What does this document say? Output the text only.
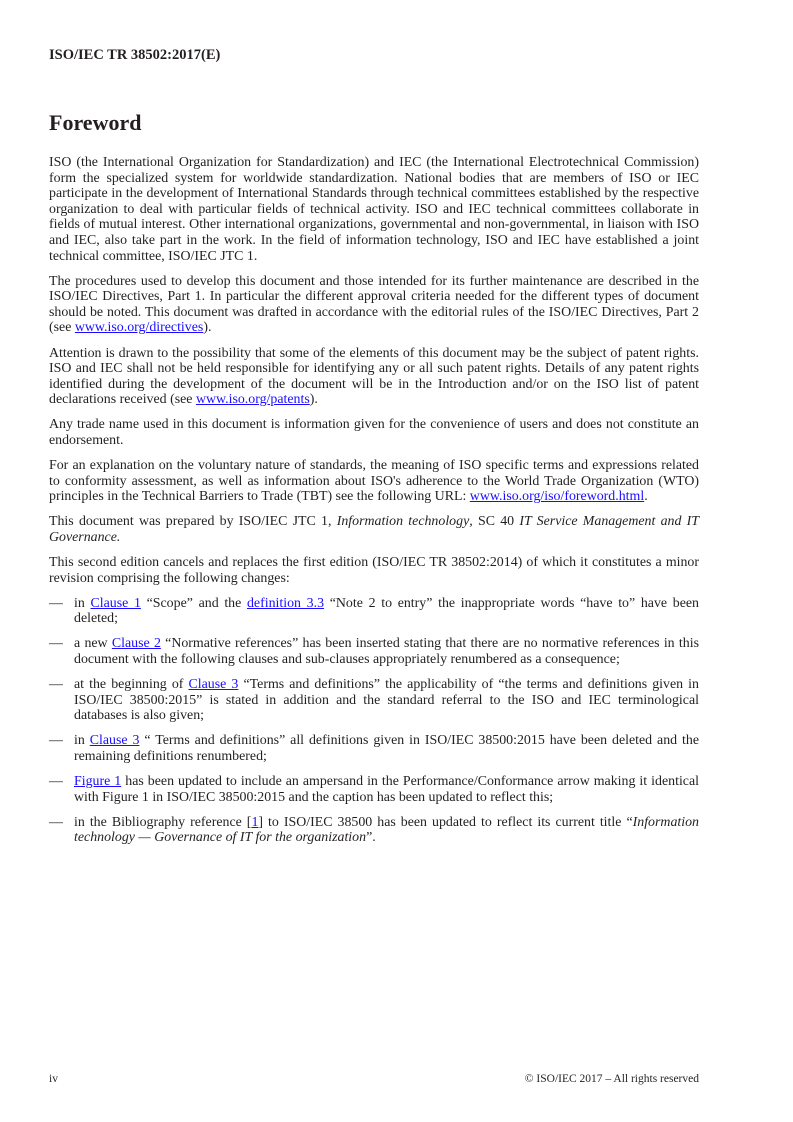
ISO/IEC TR 38502:2017(E)
Foreword

ISO (the International Organization for Standardization) and IEC (the International Electrotechnical Commission) form the specialized system for worldwide standardization. National bodies that are members of ISO or IEC participate in the development of International Standards through technical committees established by the respective organization to deal with particular fields of technical activity. ISO and IEC technical committees collaborate in fields of mutual interest. Other international organizations, governmental and non-governmental, in liaison with ISO and IEC, also take part in the work. In the field of information technology, ISO and IEC have established a joint technical committee, ISO/IEC JTC 1.

The procedures used to develop this document and those intended for its further maintenance are described in the ISO/IEC Directives, Part 1. In particular the different approval criteria needed for the different types of document should be noted. This document was drafted in accordance with the editorial rules of the ISO/IEC Directives, Part 2 (see www.iso.org/directives).

Attention is drawn to the possibility that some of the elements of this document may be the subject of patent rights. ISO and IEC shall not be held responsible for identifying any or all such patent rights. Details of any patent rights identified during the development of the document will be in the Introduction and/or on the ISO list of patent declarations received (see www.iso.org/patents).

Any trade name used in this document is information given for the convenience of users and does not constitute an endorsement.

For an explanation on the voluntary nature of standards, the meaning of ISO specific terms and expressions related to conformity assessment, as well as information about ISO's adherence to the World Trade Organization (WTO) principles in the Technical Barriers to Trade (TBT) see the following URL: www.iso.org/iso/foreword.html.

This document was prepared by ISO/IEC JTC 1, Information technology, SC 40 IT Service Management and IT Governance.

This second edition cancels and replaces the first edition (ISO/IEC TR 38502:2014) of which it constitutes a minor revision comprising the following changes:

— in Clause 1 “Scope” and the definition 3.3 “Note 2 to entry” the inappropriate words “have to” have been deleted;
— a new Clause 2 “Normative references” has been inserted stating that there are no normative references in this document with the following clauses and sub-clauses appropriately renumbered as a consequence;
— at the beginning of Clause 3 “Terms and definitions” the applicability of “the terms and definitions given in ISO/IEC 38500:2015” is stated in addition and the standard referral to the ISO and IEC terminological databases is also given;
— in Clause 3 “ Terms and definitions” all definitions given in ISO/IEC 38500:2015 have been deleted and the remaining definitions renumbered;
— Figure 1 has been updated to include an ampersand in the Performance/Conformance arrow making it identical with Figure 1 in ISO/IEC 38500:2015 and the caption has been updated to reflect this;
— in the Bibliography reference [1] to ISO/IEC 38500 has been updated to reflect its current title “Information technology — Governance of IT for the organization”.
iv	© ISO/IEC 2017 – All rights reserved
